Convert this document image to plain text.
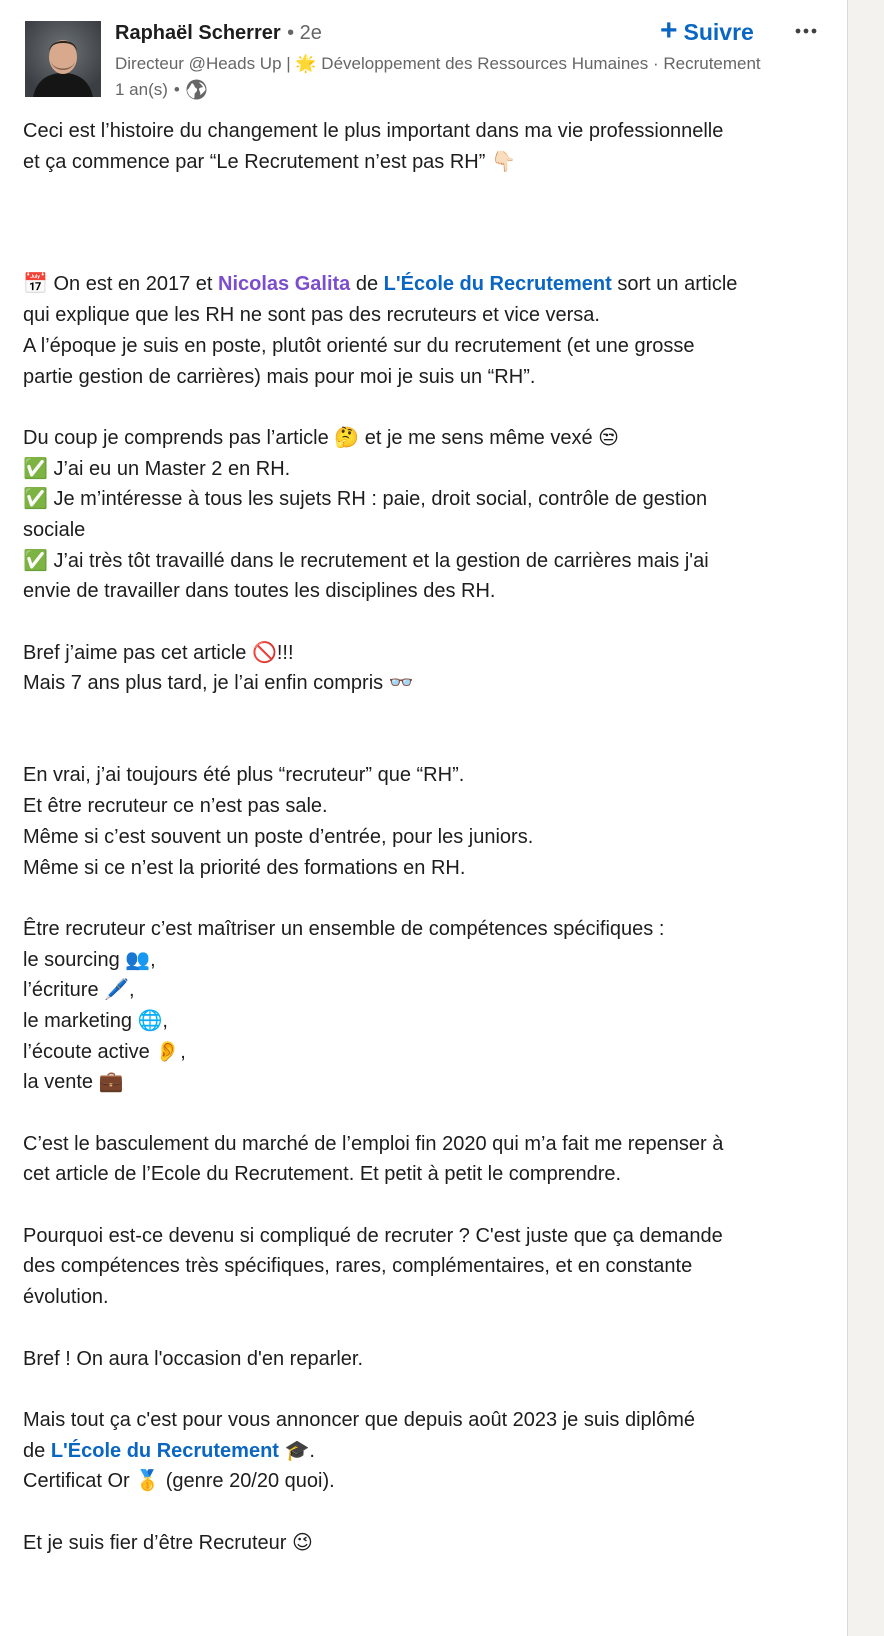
Raphaël Scherrer • 2e
Directeur @Heads Up | 🌟 Développement des Ressources Humaines · Recrutement
1 an(s) •
+ Suivre
Ceci est l’histoire du changement le plus important dans ma vie professionnelle
et ça commence par “Le Recrutement n’est pas RH” 👇🏻
📅 On est en 2017 et Nicolas Galita de L'École du Recrutement sort un article
qui explique que les RH ne sont pas des recruteurs et vice versa.
A l’époque je suis en poste, plutôt orienté sur du recrutement (et une grosse
partie gestion de carrières) mais pour moi je suis un “RH”.
Du coup je comprends pas l’article 🤔 et je me sens même vexé 😒
✅ J’ai eu un Master 2 en RH.
✅ Je m’intéresse à tous les sujets RH : paie, droit social, contrôle de gestion
sociale
✅ J’ai très tôt travaillé dans le recrutement et la gestion de carrières mais j'ai
envie de travailler dans toutes les disciplines des RH.
Bref j’aime pas cet article 🚫!!!
Mais 7 ans plus tard, je l’ai enfin compris 👓
En vrai, j’ai toujours été plus “recruteur” que “RH”.
Et être recruteur ce n’est pas sale.
Même si c’est souvent un poste d’entrée, pour les juniors.
Même si ce n’est la priorité des formations en RH.
Être recruteur c’est maîtriser un ensemble de compétences spécifiques :
le sourcing 👥,
l’écriture 🖊️,
le marketing 🌐,
l’écoute active 👂,
la vente 💼
C’est le basculement du marché de l’emploi fin 2020 qui m’a fait me repenser à
cet article de l’Ecole du Recrutement. Et petit à petit le comprendre.
Pourquoi est-ce devenu si compliqué de recruter ? C'est juste que ça demande
des compétences très spécifiques, rares, complémentaires, et en constante
évolution.
Bref ! On aura l'occasion d'en reparler.
Mais tout ça c'est pour vous annoncer que depuis août 2023 je suis diplômé
de L'École du Recrutement 🎓.
Certificat Or 🥇 (genre 20/20 quoi).
Et je suis fier d’être Recruteur 😉
